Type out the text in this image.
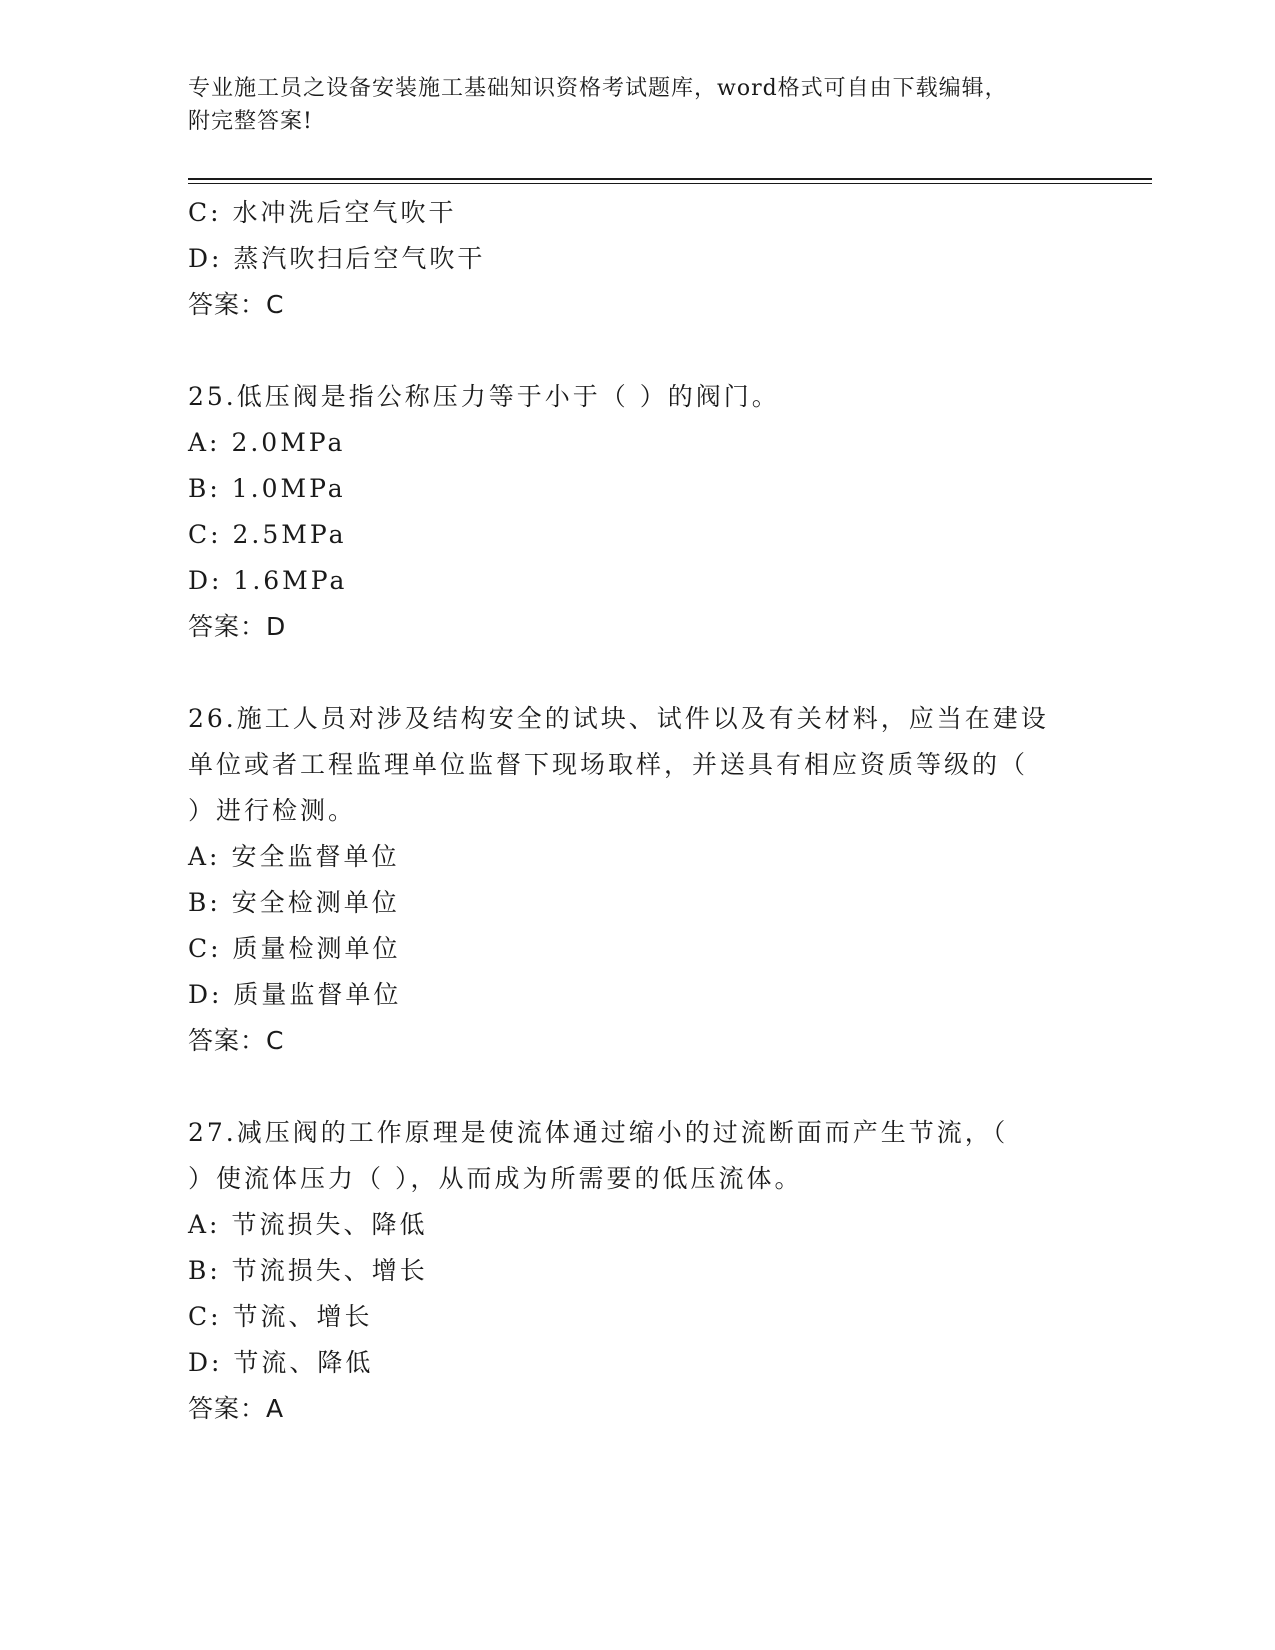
专业施工员之设备安装施工基础知识资格考试题库，word格式可自由下载编辑，
附完整答案!
C: 水冲洗后空气吹干
D: 蒸汽吹扫后空气吹干
答案：C
25.低压阀是指公称压力等于小于（ ）的阀门。
A: 2.0MPa
B: 1.0MPa
C: 2.5MPa
D: 1.6MPa
答案：D
26.施工人员对涉及结构安全的试块、试件以及有关材料，应当在建设
单位或者工程监理单位监督下现场取样，并送具有相应资质等级的（
）进行检测。
A: 安全监督单位
B: 安全检测单位
C: 质量检测单位
D: 质量监督单位
答案：C
27.减压阀的工作原理是使流体通过缩小的过流断面而产生节流，（
）使流体压力（ ），从而成为所需要的低压流体。
A: 节流损失、降低
B: 节流损失、增长
C: 节流、增长
D: 节流、降低
答案：A
